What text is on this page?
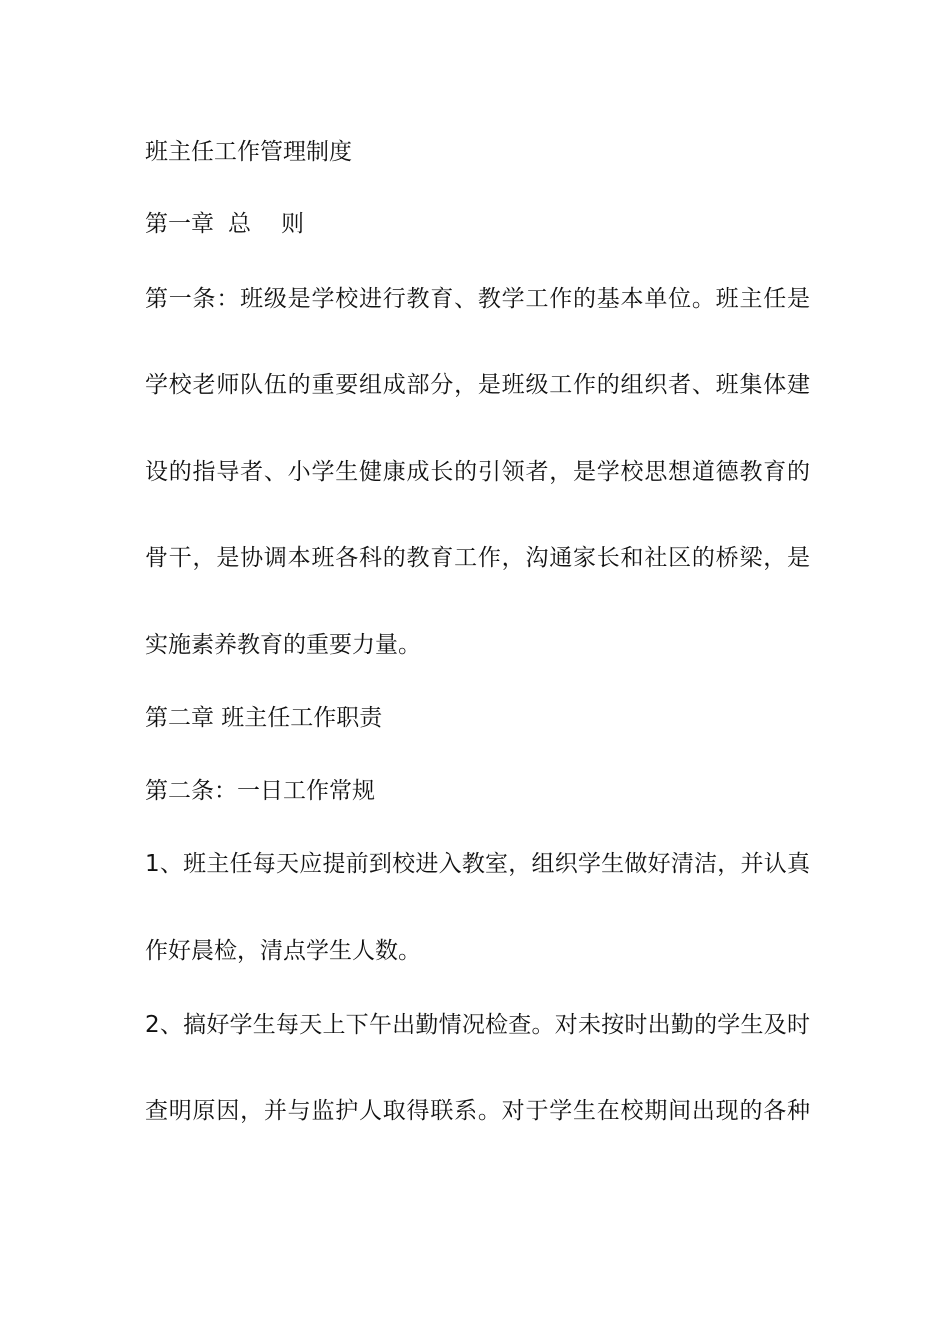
班主任工作管理制度
第一章 总 则
第一条：班级是学校进行教育、教学工作的基本单位。班主任是
学校老师队伍的重要组成部分，是班级工作的组织者、班集体建
设的指导者、小学生健康成长的引领者，是学校思想道德教育的
骨干，是协调本班各科的教育工作，沟通家长和社区的桥梁，是
实施素养教育的重要力量。
第二章 班主任工作职责
第二条：一日工作常规
1、班主任每天应提前到校进入教室，组织学生做好清洁，并认真
作好晨检，清点学生人数。
2、搞好学生每天上下午出勤情况检查。对未按时出勤的学生及时
查明原因，并与监护人取得联系。对于学生在校期间出现的各种
